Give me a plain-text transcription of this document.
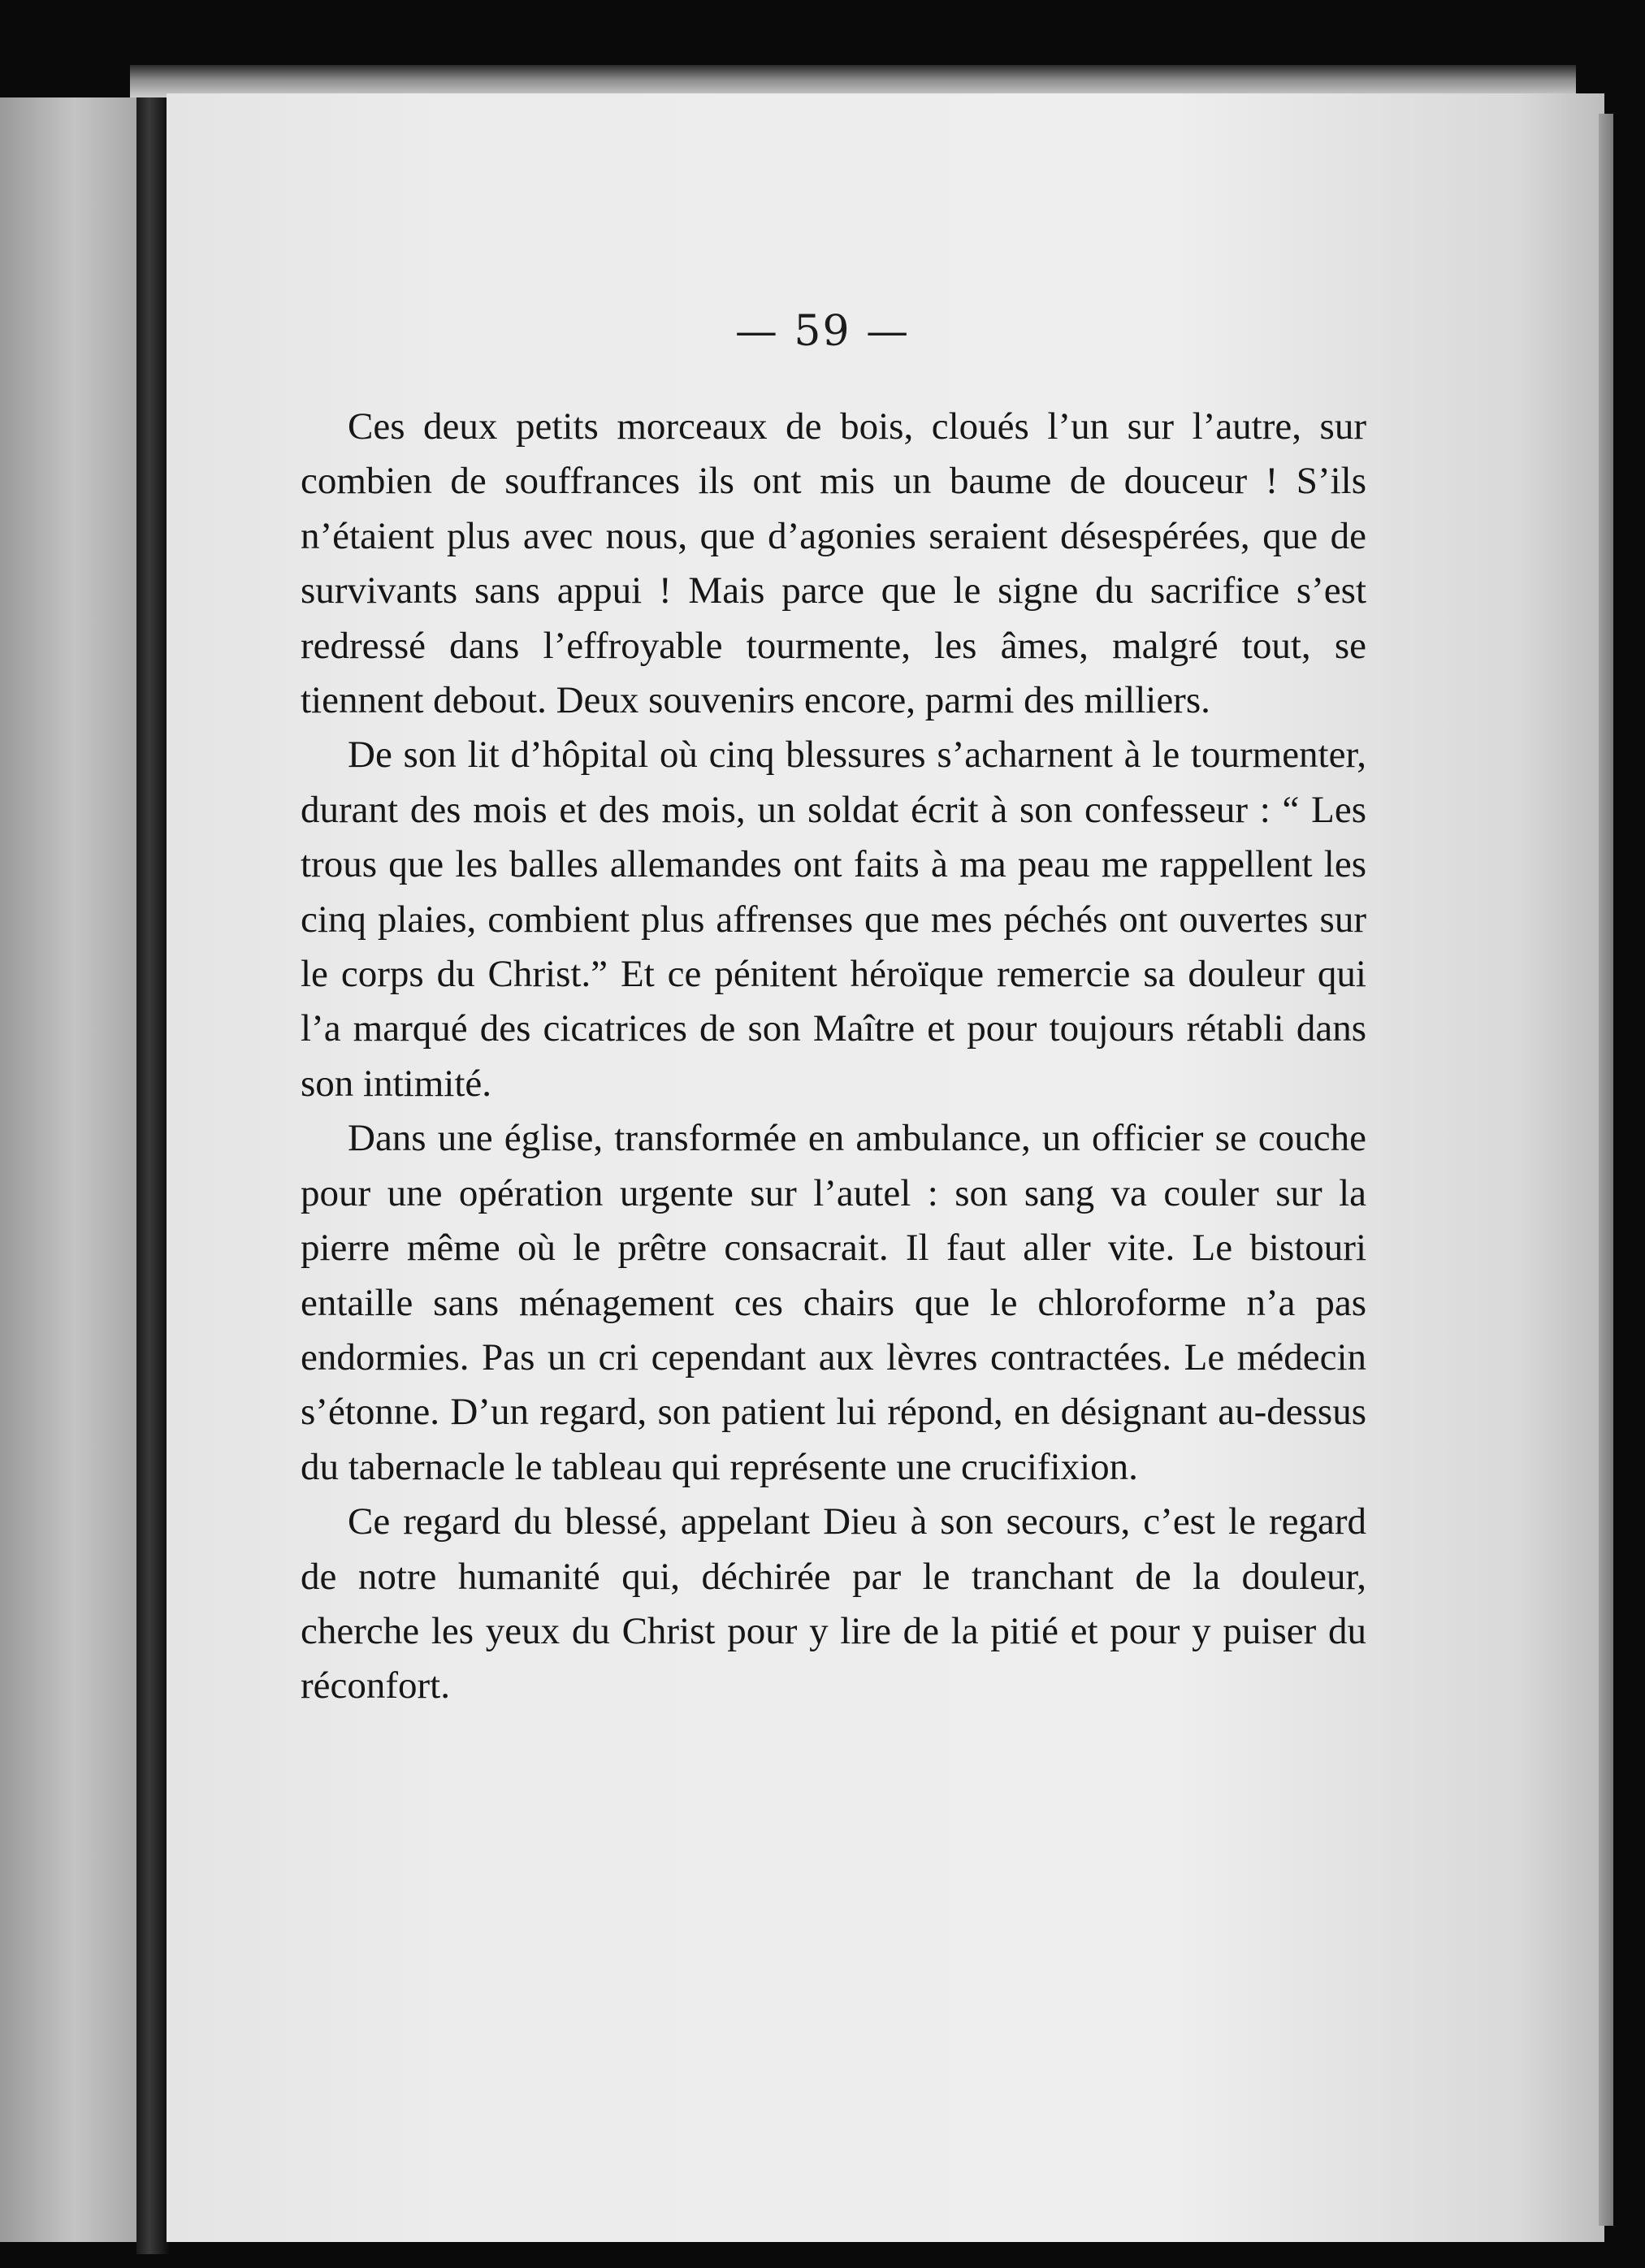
— 59 —

Ces deux petits morceaux de bois, cloués l’un sur l’autre, sur combien de souffrances ils ont mis un baume de douceur ! S’ils n’étaient plus avec nous, que d’agonies seraient désespérées, que de survivants sans appui ! Mais parce que le signe du sacrifice s’est redressé dans l’effroyable tourmente, les âmes, malgré tout, se tiennent debout. Deux souvenirs encore, parmi des milliers.

De son lit d’hôpital où cinq blessures s’acharnent à le tourmenter, durant des mois et des mois, un soldat écrit à son confesseur : “ Les trous que les balles allemandes ont faits à ma peau me rappellent les cinq plaies, combient plus affrenses que mes péchés ont ouvertes sur le corps du Christ.” Et ce pénitent héroïque remercie sa douleur qui l’a marqué des cicatrices de son Maître et pour toujours rétabli dans son intimité.

Dans une église, transformée en ambulance, un officier se couche pour une opération urgente sur l’autel : son sang va couler sur la pierre même où le prêtre consacrait. Il faut aller vite. Le bistouri entaille sans ménagement ces chairs que le chloroforme n’a pas endormies. Pas un cri cependant aux lèvres contractées. Le médecin s’étonne. D’un regard, son patient lui répond, en désignant au-dessus du tabernacle le tableau qui représente une crucifixion.

Ce regard du blessé, appelant Dieu à son secours, c’est le regard de notre humanité qui, déchirée par le tranchant de la douleur, cherche les yeux du Christ pour y lire de la pitié et pour y puiser du réconfort.
